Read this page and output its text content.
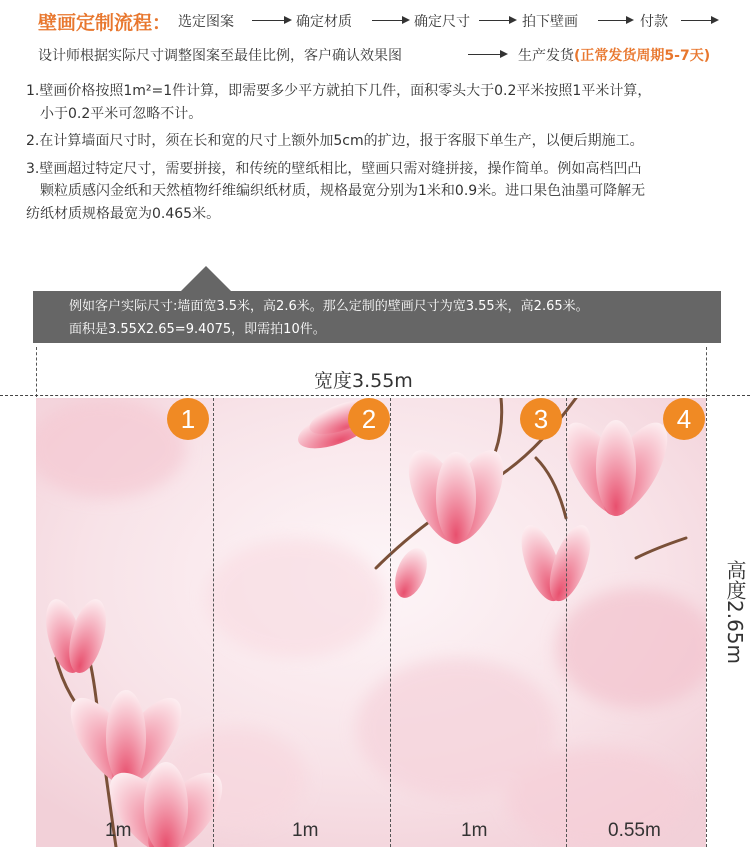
壁画定制流程： 选定图案	确定材质	确定尺寸	拍下壁画	付款
设计师根据实际尺寸调整图案至最佳比例，客户确认效果图	生产发货(正常发货周期5-7天)
1.壁画价格按照1m²=1件计算，即需要多少平方就拍下几件，面积零头大于0.2平米按照1平米计算，
小于0.2平米可忽略不计。
2.在计算墙面尺寸时，须在长和宽的尺寸上额外加5cm的扩边，报于客服下单生产，以便后期施工。
3.壁画超过特定尺寸，需要拼接，和传统的壁纸相比，壁画只需对缝拼接，操作简单。例如高档凹凸
颗粒质感闪金纸和天然植物纤维编织纸材质，规格最宽分别为1米和0.9米。进口果色油墨可降解无
纺纸材质规格最宽为0.465米。
例如客户实际尺寸:墙面宽3.5米，高2.6米。那么定制的壁画尺寸为宽3.55米，高2.65米。
面积是3.55X2.65=9.4075，即需拍10件。
宽度3.55m
1	2	3	4
1m	1m	1m	0.55m
高度2.65m
